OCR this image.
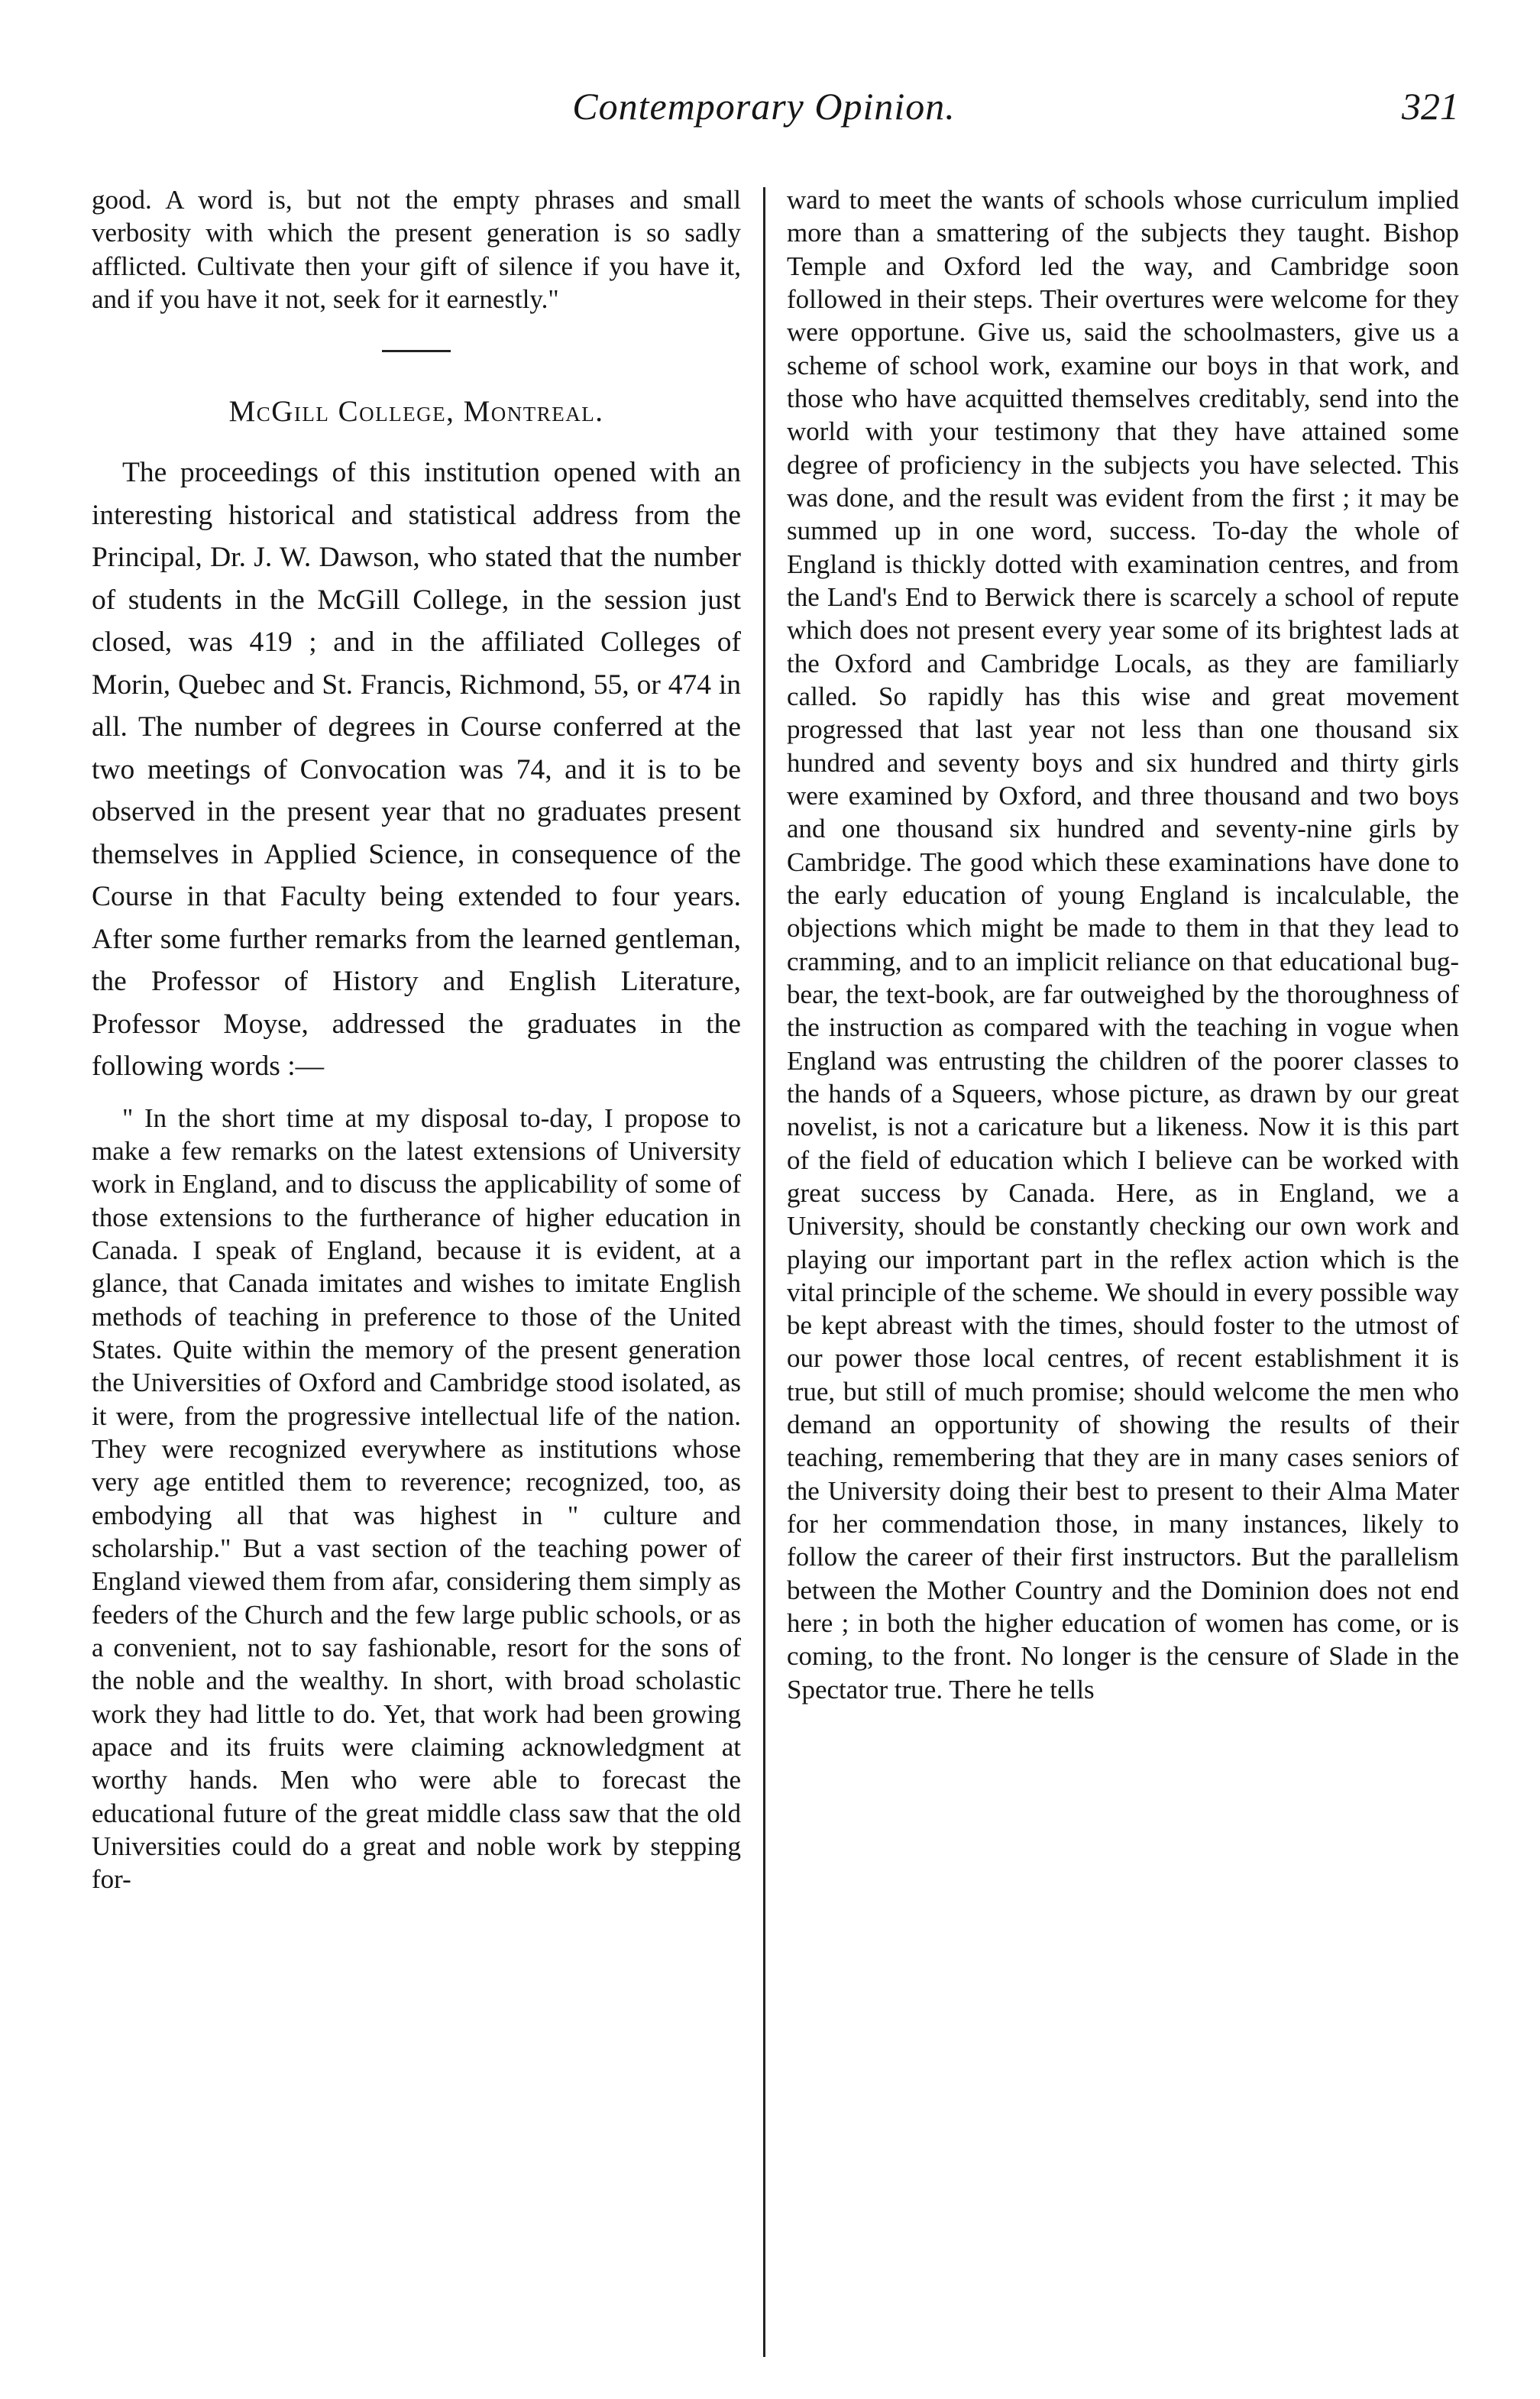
Contemporary Opinion.	321

good. A word is, but not the empty phrases and small verbosity with which the present generation is so sadly afflicted. Cultivate then your gift of silence if you have it, and if you have it not, seek for it earnestly."

McGill College, Montreal.

The proceedings of this institution opened with an interesting historical and statistical address from the Principal, Dr. J. W. Dawson, who stated that the number of students in the McGill College, in the session just closed, was 419 ; and in the affiliated Colleges of Morin, Quebec and St. Francis, Richmond, 55, or 474 in all. The number of degrees in Course conferred at the two meetings of Convocation was 74, and it is to be observed in the present year that no graduates present themselves in Applied Science, in consequence of the Course in that Faculty being extended to four years. After some further remarks from the learned gentleman, the Professor of History and English Literature, Professor Moyse, addressed the graduates in the following words :—

" In the short time at my disposal to-day, I propose to make a few remarks on the latest extensions of University work in England, and to discuss the applicability of some of those extensions to the furtherance of higher education in Canada. I speak of England, because it is evident, at a glance, that Canada imitates and wishes to imitate English methods of teaching in preference to those of the United States. Quite within the memory of the present generation the Universities of Oxford and Cambridge stood isolated, as it were, from the progressive intellectual life of the nation. They were recognized everywhere as institutions whose very age entitled them to reverence; recognized, too, as embodying all that was highest in " culture and scholarship." But a vast section of the teaching power of England viewed them from afar, considering them simply as feeders of the Church and the few large public schools, or as a convenient, not to say fashionable, resort for the sons of the noble and the wealthy. In short, with broad scholastic work they had little to do. Yet, that work had been growing apace and its fruits were claiming acknowledgment at worthy hands. Men who were able to forecast the educational future of the great middle class saw that the old Universities could do a great and noble work by stepping for-

ward to meet the wants of schools whose curriculum implied more than a smattering of the subjects they taught. Bishop Temple and Oxford led the way, and Cambridge soon followed in their steps. Their overtures were welcome for they were opportune. Give us, said the schoolmasters, give us a scheme of school work, examine our boys in that work, and those who have acquitted themselves creditably, send into the world with your testimony that they have attained some degree of proficiency in the subjects you have selected. This was done, and the result was evident from the first ; it may be summed up in one word, success. To-day the whole of England is thickly dotted with examination centres, and from the Land's End to Berwick there is scarcely a school of repute which does not present every year some of its brightest lads at the Oxford and Cambridge Locals, as they are familiarly called. So rapidly has this wise and great movement progressed that last year not less than one thousand six hundred and seventy boys and six hundred and thirty girls were examined by Oxford, and three thousand and two boys and one thousand six hundred and seventy-nine girls by Cambridge. The good which these examinations have done to the early education of young England is incalculable, the objections which might be made to them in that they lead to cramming, and to an implicit reliance on that educational bug-bear, the text-book, are far outweighed by the thoroughness of the instruction as compared with the teaching in vogue when England was entrusting the children of the poorer classes to the hands of a Squeers, whose picture, as drawn by our great novelist, is not a caricature but a likeness. Now it is this part of the field of education which I believe can be worked with great success by Canada. Here, as in England, we a University, should be constantly checking our own work and playing our important part in the reflex action which is the vital principle of the scheme. We should in every possible way be kept abreast with the times, should foster to the utmost of our power those local centres, of recent establishment it is true, but still of much promise; should welcome the men who demand an opportunity of showing the results of their teaching, remembering that they are in many cases seniors of the University doing their best to present to their Alma Mater for her commendation those, in many instances, likely to follow the career of their first instructors. But the parallelism between the Mother Country and the Dominion does not end here ; in both the higher education of women has come, or is coming, to the front. No longer is the censure of Slade in the Spectator true. There he tells
